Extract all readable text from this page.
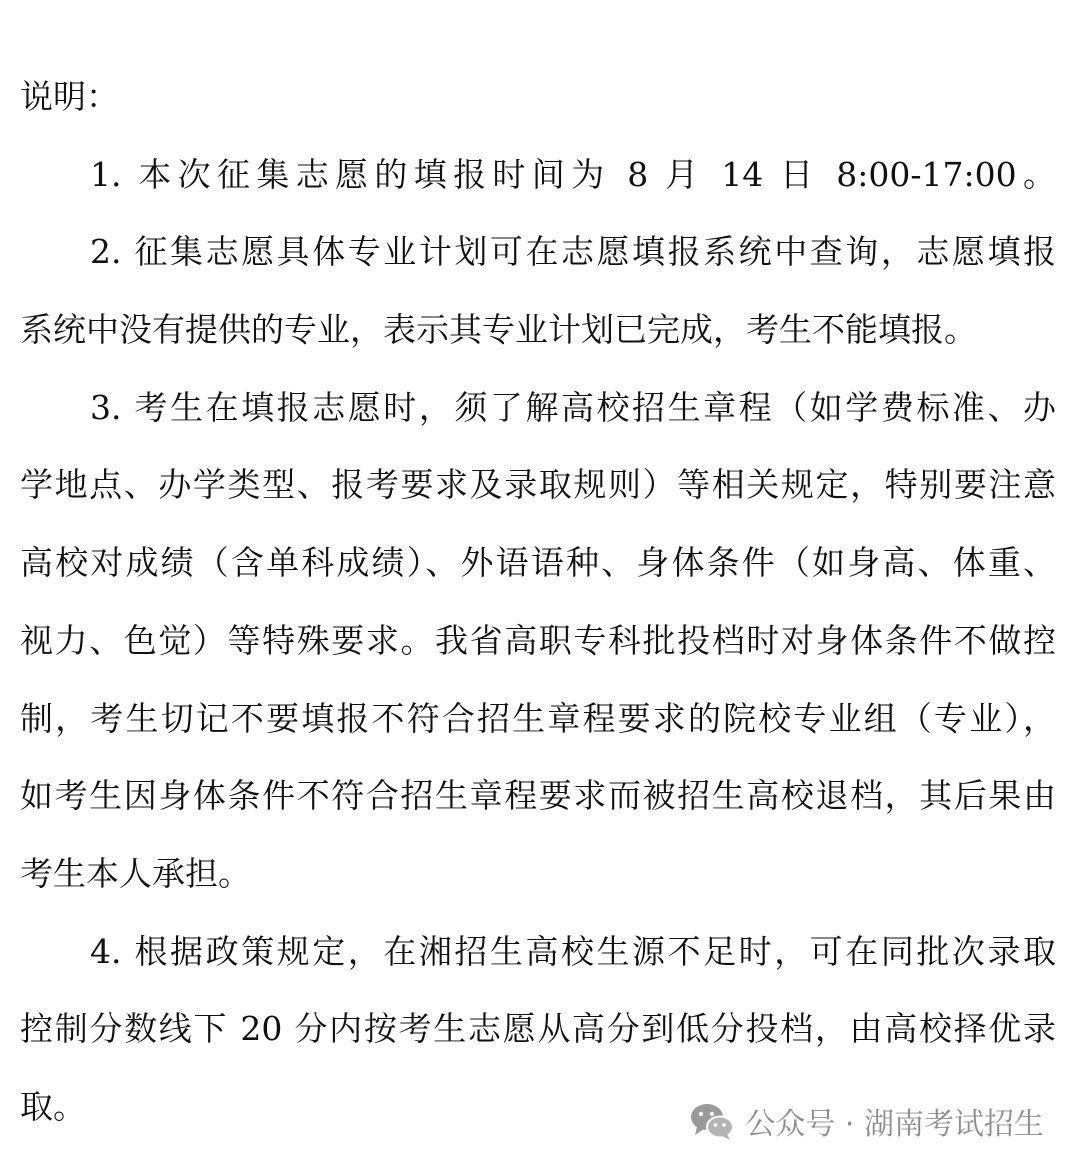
说明：
1. 本次征集志愿的填报时间为 8 月 14 日 8:00-17:00。
2. 征集志愿具体专业计划可在志愿填报系统中查询，志愿填报
系统中没有提供的专业，表示其专业计划已完成，考生不能填报。
3. 考生在填报志愿时，须了解高校招生章程（如学费标准、办
学地点、办学类型、报考要求及录取规则）等相关规定，特别要注意
高校对成绩（含单科成绩）、外语语种、身体条件（如身高、体重、
视力、色觉）等特殊要求。我省高职专科批投档时对身体条件不做控
制，考生切记不要填报不符合招生章程要求的院校专业组（专业），
如考生因身体条件不符合招生章程要求而被招生高校退档，其后果由
考生本人承担。
4. 根据政策规定，在湘招生高校生源不足时，可在同批次录取
控制分数线下 20 分内按考生志愿从高分到低分投档，由高校择优录
取。	公众号 · 湖南考试招生
